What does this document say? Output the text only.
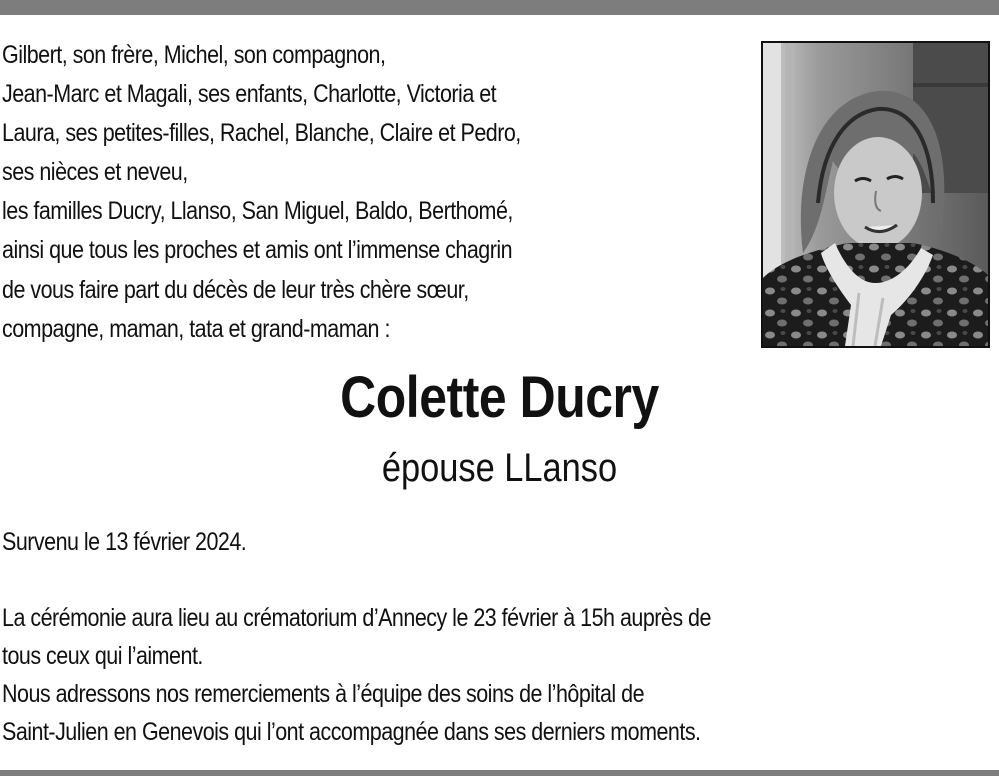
Gilbert, son frère, Michel, son compagnon,
Jean-Marc et Magali, ses enfants, Charlotte, Victoria et
Laura, ses petites-filles, Rachel, Blanche, Claire et Pedro,
ses nièces et neveu,
les familles Ducry, Llanso, San Miguel, Baldo, Berthomé,
ainsi que tous les proches et amis ont l’immense chagrin
de vous faire part du décès de leur très chère sœur,
compagne, maman, tata et grand-maman :

Colette Ducry

épouse LLanso

Survenu le 13 février 2024.

La cérémonie aura lieu au crématorium d’Annecy le 23 février à 15h auprès de
tous ceux qui l’aiment.

Nous adressons nos remerciements à l’équipe des soins de l’hôpital de
Saint-Julien en Genevois qui l’ont accompagnée dans ses derniers moments.
